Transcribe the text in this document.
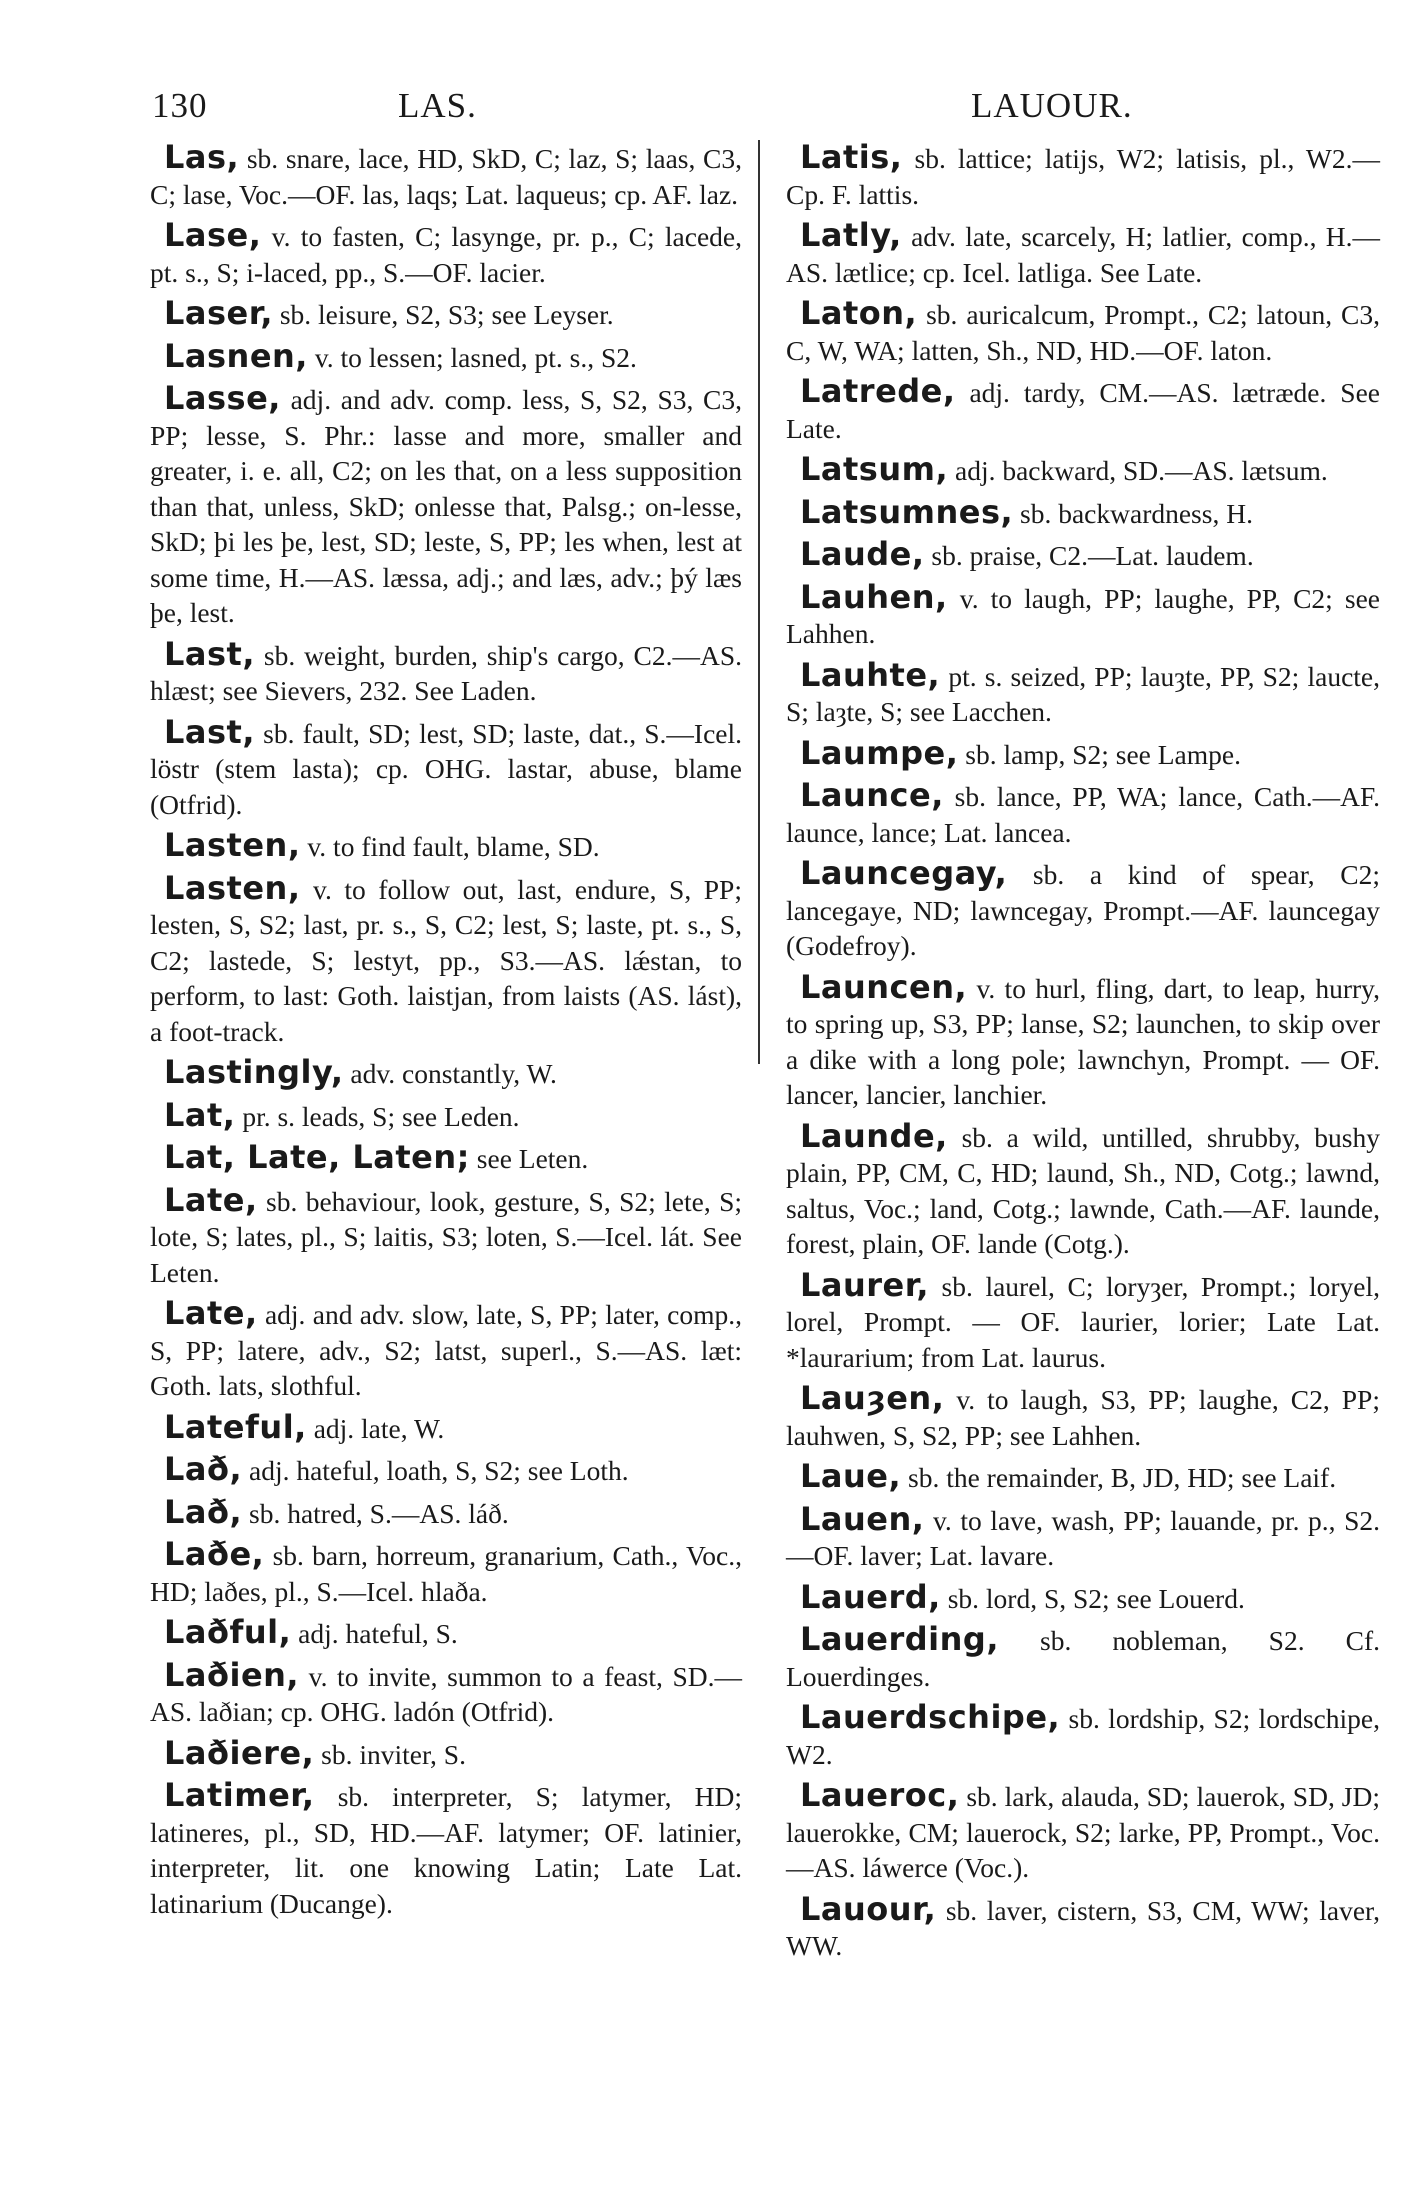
130	LAS.	LAUOUR.
Las, sb. snare, lace, HD, SkD, C; laz, S; laas, C3, C; lase, Voc.—OF. las, laqs; Lat. laqueus; cp. AF. laz.
Lase, v. to fasten, C; lasynge, pr. p., C; lacede, pt. s., S; i-laced, pp., S.—OF. lacier.
Laser, sb. leisure, S2, S3; see Leyser.
Lasnen, v. to lessen; lasned, pt. s., S2.
Lasse, adj. and adv. comp. less, S, S2, S3, C3, PP; lesse, S. Phr.: lasse and more, smaller and greater, i. e. all, C2; on les that, on a less supposition than that, unless, SkD; onlesse that, Palsg.; on-lesse, SkD; þi les þe, lest, SD; leste, S, PP; les when, lest at some time, H.—AS. læssa, adj.; and læs, adv.; þý læs þe, lest.
Last, sb. weight, burden, ship's cargo, C2.—AS. hlæst; see Sievers, 232. See Laden.
Last, sb. fault, SD; lest, SD; laste, dat., S.—Icel. löstr (stem lasta); cp. OHG. lastar, abuse, blame (Otfrid).
Lasten, v. to find fault, blame, SD.
Lasten, v. to follow out, last, endure, S, PP; lesten, S, S2; last, pr. s., S, C2; lest, S; laste, pt. s., S, C2; lastede, S; lestyt, pp., S3.—AS. lǽstan, to perform, to last: Goth. laistjan, from laists (AS. lást), a foot-track.
Lastingly, adv. constantly, W.
Lat, pr. s. leads, S; see Leden.
Lat, Late, Laten; see Leten.
Late, sb. behaviour, look, gesture, S, S2; lete, S; lote, S; lates, pl., S; laitis, S3; loten, S.—Icel. lát. See Leten.
Late, adj. and adv. slow, late, S, PP; later, comp., S, PP; latere, adv., S2; latst, superl., S.—AS. læt: Goth. lats, slothful.
Lateful, adj. late, W.
Lað, adj. hateful, loath, S, S2; see Loth.
Lað, sb. hatred, S.—AS. láð.
Laðe, sb. barn, horreum, granarium, Cath., Voc., HD; laðes, pl., S.—Icel. hlaða.
Laðful, adj. hateful, S.
Laðien, v. to invite, summon to a feast, SD.—AS. laðian; cp. OHG. ladón (Otfrid).
Laðiere, sb. inviter, S.
Latimer, sb. interpreter, S; latymer, HD; latineres, pl., SD, HD.—AF. latymer; OF. latinier, interpreter, lit. one knowing Latin; Late Lat. latinarium (Ducange).
Latis, sb. lattice; latijs, W2; latisis, pl., W2.—Cp. F. lattis.
Latly, adv. late, scarcely, H; latlier, comp., H.—AS. lætlice; cp. Icel. latliga. See Late.
Laton, sb. auricalcum, Prompt., C2; latoun, C3, C, W, WA; latten, Sh., ND, HD.—OF. laton.
Latrede, adj. tardy, CM.—AS. lætræde. See Late.
Latsum, adj. backward, SD.—AS. lætsum.
Latsumnes, sb. backwardness, H.
Laude, sb. praise, C2.—Lat. laudem.
Lauhen, v. to laugh, PP; laughe, PP, C2; see Lahhen.
Lauhte, pt. s. seized, PP; lauȝte, PP, S2; laucte, S; laȝte, S; see Lacchen.
Laumpe, sb. lamp, S2; see Lampe.
Launce, sb. lance, PP, WA; lance, Cath.—AF. launce, lance; Lat. lancea.
Launcegay, sb. a kind of spear, C2; lancegaye, ND; lawncegay, Prompt.—AF. launcegay (Godefroy).
Launcen, v. to hurl, fling, dart, to leap, hurry, to spring up, S3, PP; lanse, S2; launchen, to skip over a dike with a long pole; lawnchyn, Prompt. — OF. lancer, lancier, lanchier.
Launde, sb. a wild, untilled, shrubby, bushy plain, PP, CM, C, HD; laund, Sh., ND, Cotg.; lawnd, saltus, Voc.; land, Cotg.; lawnde, Cath.—AF. launde, forest, plain, OF. lande (Cotg.).
Laurer, sb. laurel, C; loryȝer, Prompt.; loryel, lorel, Prompt. — OF. laurier, lorier; Late Lat. *laurarium; from Lat. laurus.
Lauȝen, v. to laugh, S3, PP; laughe, C2, PP; lauhwen, S, S2, PP; see Lahhen.
Laue, sb. the remainder, B, JD, HD; see Laif.
Lauen, v. to lave, wash, PP; lauande, pr. p., S2.—OF. laver; Lat. lavare.
Lauerd, sb. lord, S, S2; see Louerd.
Lauerding, sb. nobleman, S2. Cf. Louerdinges.
Lauerdschipe, sb. lordship, S2; lordschipe, W2.
Laueroc, sb. lark, alauda, SD; lauerok, SD, JD; lauerokke, CM; lauerock, S2; larke, PP, Prompt., Voc.—AS. láwerce (Voc.).
Lauour, sb. laver, cistern, S3, CM, WW; laver, WW.
